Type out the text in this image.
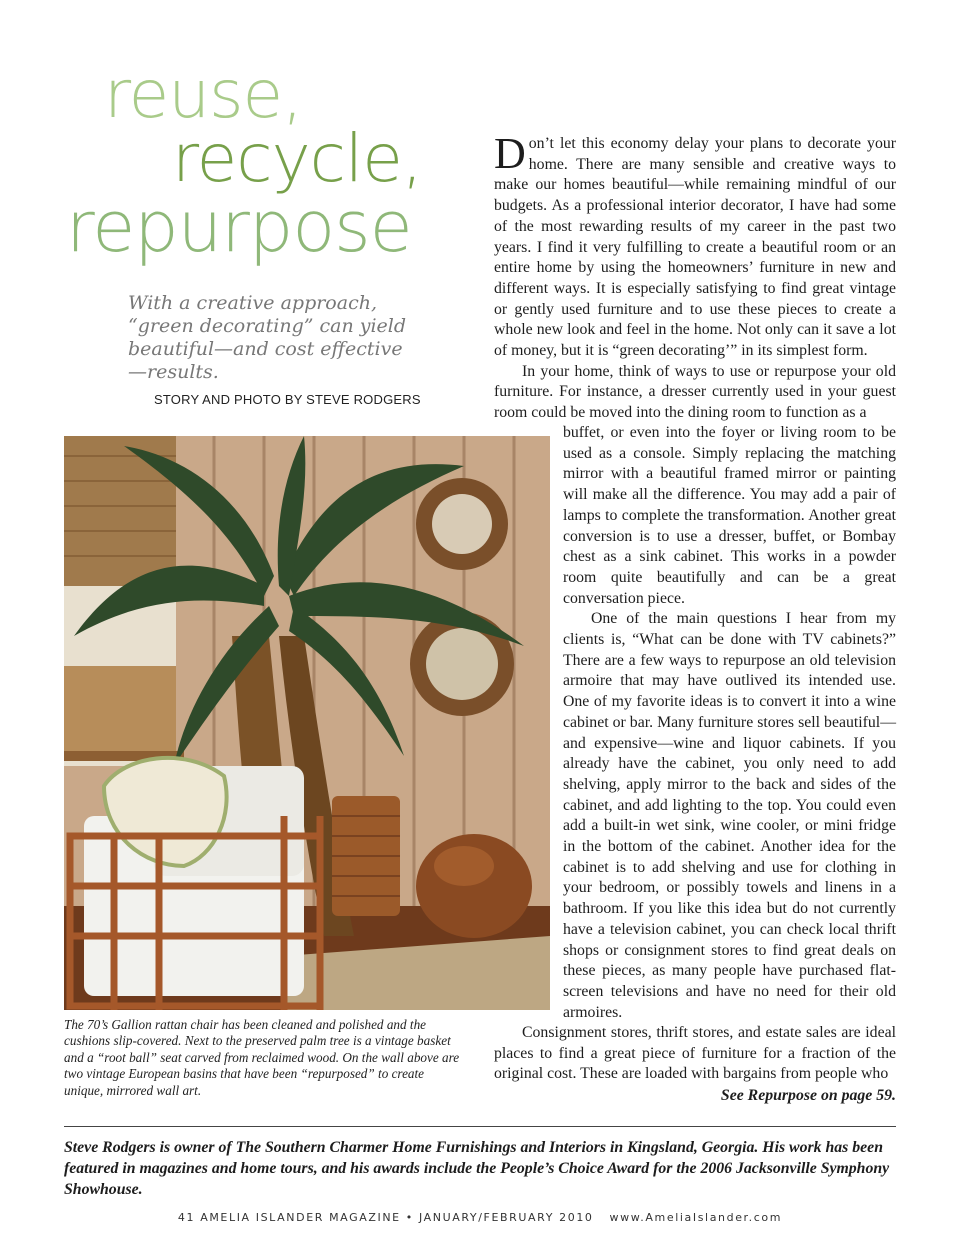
reuse,
recycle,
repurpose
With a creative approach, “green decorating” can yield beautiful—and cost effective—results.
STORY AND PHOTO BY STEVE RODGERS
The 70’s Gallion rattan chair has been cleaned and polished and the cushions slip-covered. Next to the preserved palm tree is a vintage basket and a “root ball” seat carved from reclaimed wood. On the wall above are two vintage European basins that have been “repurposed” to create unique, mirrored wall art.

Don’t let this economy delay your plans to decorate your home. There are many sensible and creative ways to make our homes beautiful—while remaining mindful of our budgets. As a professional interior decorator, I have had some of the most rewarding results of my career in the past two years. I find it very fulfilling to create a beautiful room or an entire home by using the homeowners’ furniture in new and different ways. It is especially satisfying to find great vintage or gently used furniture and to use these pieces to create a whole new look and feel in the home. Not only can it save a lot of money, but it is “green decorating’” in its simplest form.

In your home, think of ways to use or repurpose your old furniture. For instance, a dresser currently used in your guest room could be moved into the dining room to function as a

buffet, or even into the foyer or living room to be used as a console. Simply replacing the matching mirror with a beautiful framed mirror or painting will make all the difference. You may add a pair of lamps to complete the transformation. Another great conversion is to use a dresser, buffet, or Bombay chest as a sink cabinet. This works in a powder room quite beautifully and can be a great conversation piece.

One of the main questions I hear from my clients is, “What can be done with TV cabinets?” There are a few ways to repurpose an old television armoire that may have outlived its intended use. One of my favorite ideas is to convert it into a wine cabinet or bar. Many furniture stores sell beautiful—and expensive—wine and liquor cabinets. If you already have the cabinet, you only need to add shelving, apply mirror to the back and sides of the cabinet, and add lighting to the top. You could even add a built-in wet sink, wine cooler, or mini fridge in the bottom of the cabinet. Another idea for the cabinet is to add shelving and use for clothing in your bedroom, or possibly towels and linens in a bathroom. If you like this idea but do not currently have a television cabinet, you can check local thrift shops or consignment stores to find great deals on these pieces, as many people have purchased flat-screen televisions and have no need for their old armoires.

Consignment stores, thrift stores, and estate sales are ideal places to find a great piece of furniture for a fraction of the original cost. These are loaded with bargains from people who

See Repurpose on page 59.
Steve Rodgers is owner of The Southern Charmer Home Furnishings and Interiors in Kingsland, Georgia. His work has been featured in magazines and home tours, and his awards include the People’s Choice Award for the 2006 Jacksonville Symphony Showhouse.
41 AMELIA ISLANDER MAGAZINE • JANUARY/FEBRUARY 2010 www.AmeliaIslander.com
